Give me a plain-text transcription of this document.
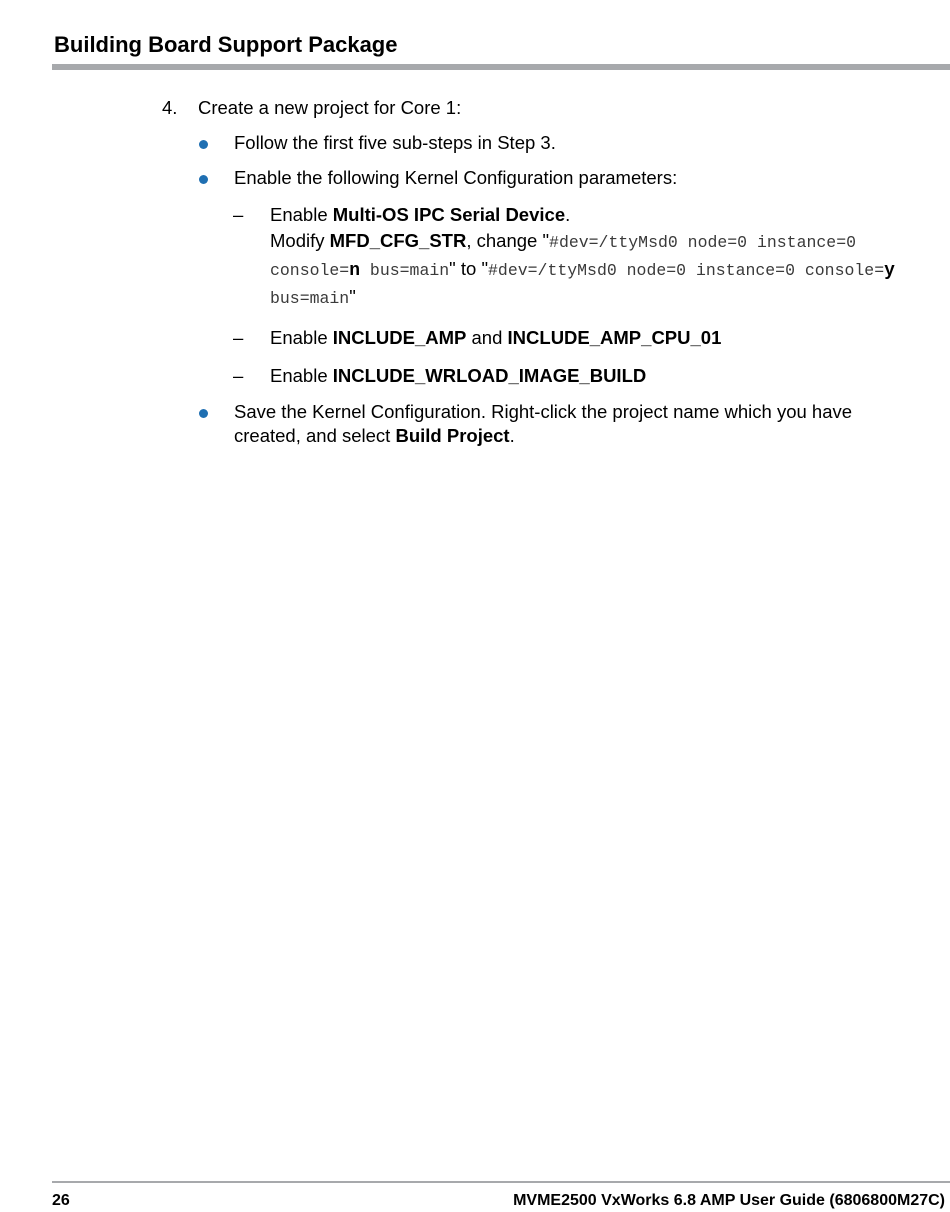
Building Board Support Package
4. Create a new project for Core 1:
Follow the first five sub-steps in Step 3.
Enable the following Kernel Configuration parameters:
– Enable Multi-OS IPC Serial Device.
Modify MFD_CFG_STR, change "#dev=/ttyMsd0 node=0 instance=0 console=n bus=main" to "#dev=/ttyMsd0 node=0 instance=0 console=y bus=main"
– Enable INCLUDE_AMP and INCLUDE_AMP_CPU_01
– Enable INCLUDE_WRLOAD_IMAGE_BUILD
Save the Kernel Configuration. Right-click the project name which you have created, and select Build Project.
26	MVME2500 VxWorks 6.8 AMP User Guide (6806800M27C)
